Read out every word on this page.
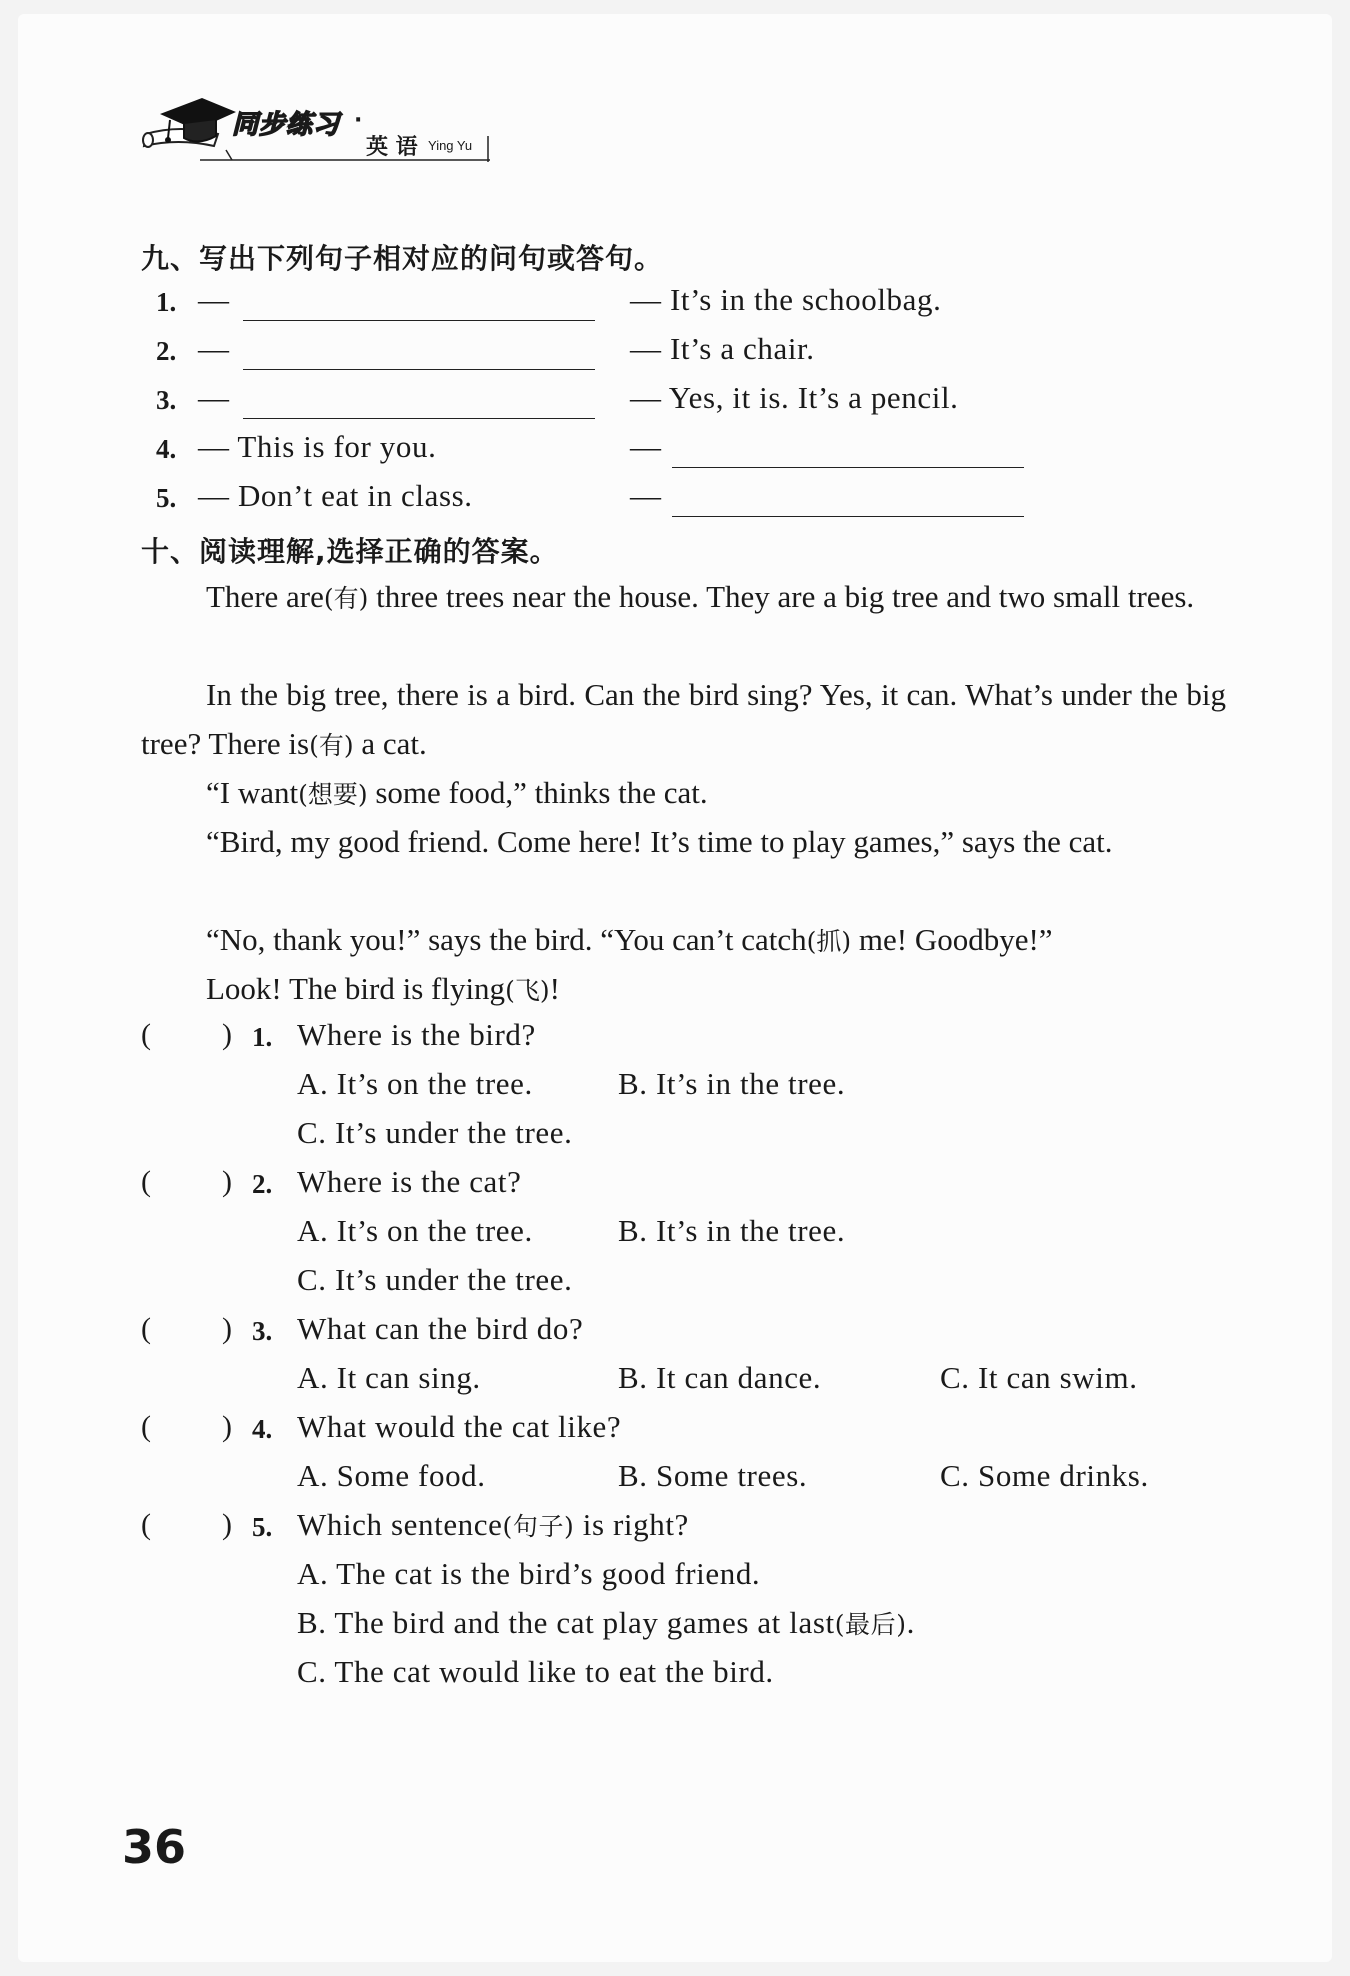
同步练习 ·
英 语 Ying Yu
九、写出下列句子相对应的问句或答句。
1. —	— It’s in the schoolbag.
2. —	— It’s a chair.
3. —	— Yes, it is. It’s a pencil.
4. — This is for you.	—
5. — Don’t eat in class.	—
十、阅读理解,选择正确的答案。
There are(有) three trees near the house. They are a big tree and two small trees.
In the big tree, there is a bird. Can the bird sing? Yes, it can. What’s under the big tree? There is(有) a cat.
“I want(想要) some food,” thinks the cat.
“Bird, my good friend. Come here! It’s time to play games,” says the cat.
“No, thank you!” says the bird. “You can’t catch(抓) me! Goodbye!”
Look! The bird is flying(飞)!
( ) 1. Where is the bird?
A. It’s on the tree.	B. It’s in the tree.
C. It’s under the tree.
( ) 2. Where is the cat?
A. It’s on the tree.	B. It’s in the tree.
C. It’s under the tree.
( ) 3. What can the bird do?
A. It can sing.	B. It can dance.	C. It can swim.
( ) 4. What would the cat like?
A. Some food.	B. Some trees.	C. Some drinks.
( ) 5. Which sentence(句子) is right?
A. The cat is the bird’s good friend.
B. The bird and the cat play games at last(最后).
C. The cat would like to eat the bird.
36
